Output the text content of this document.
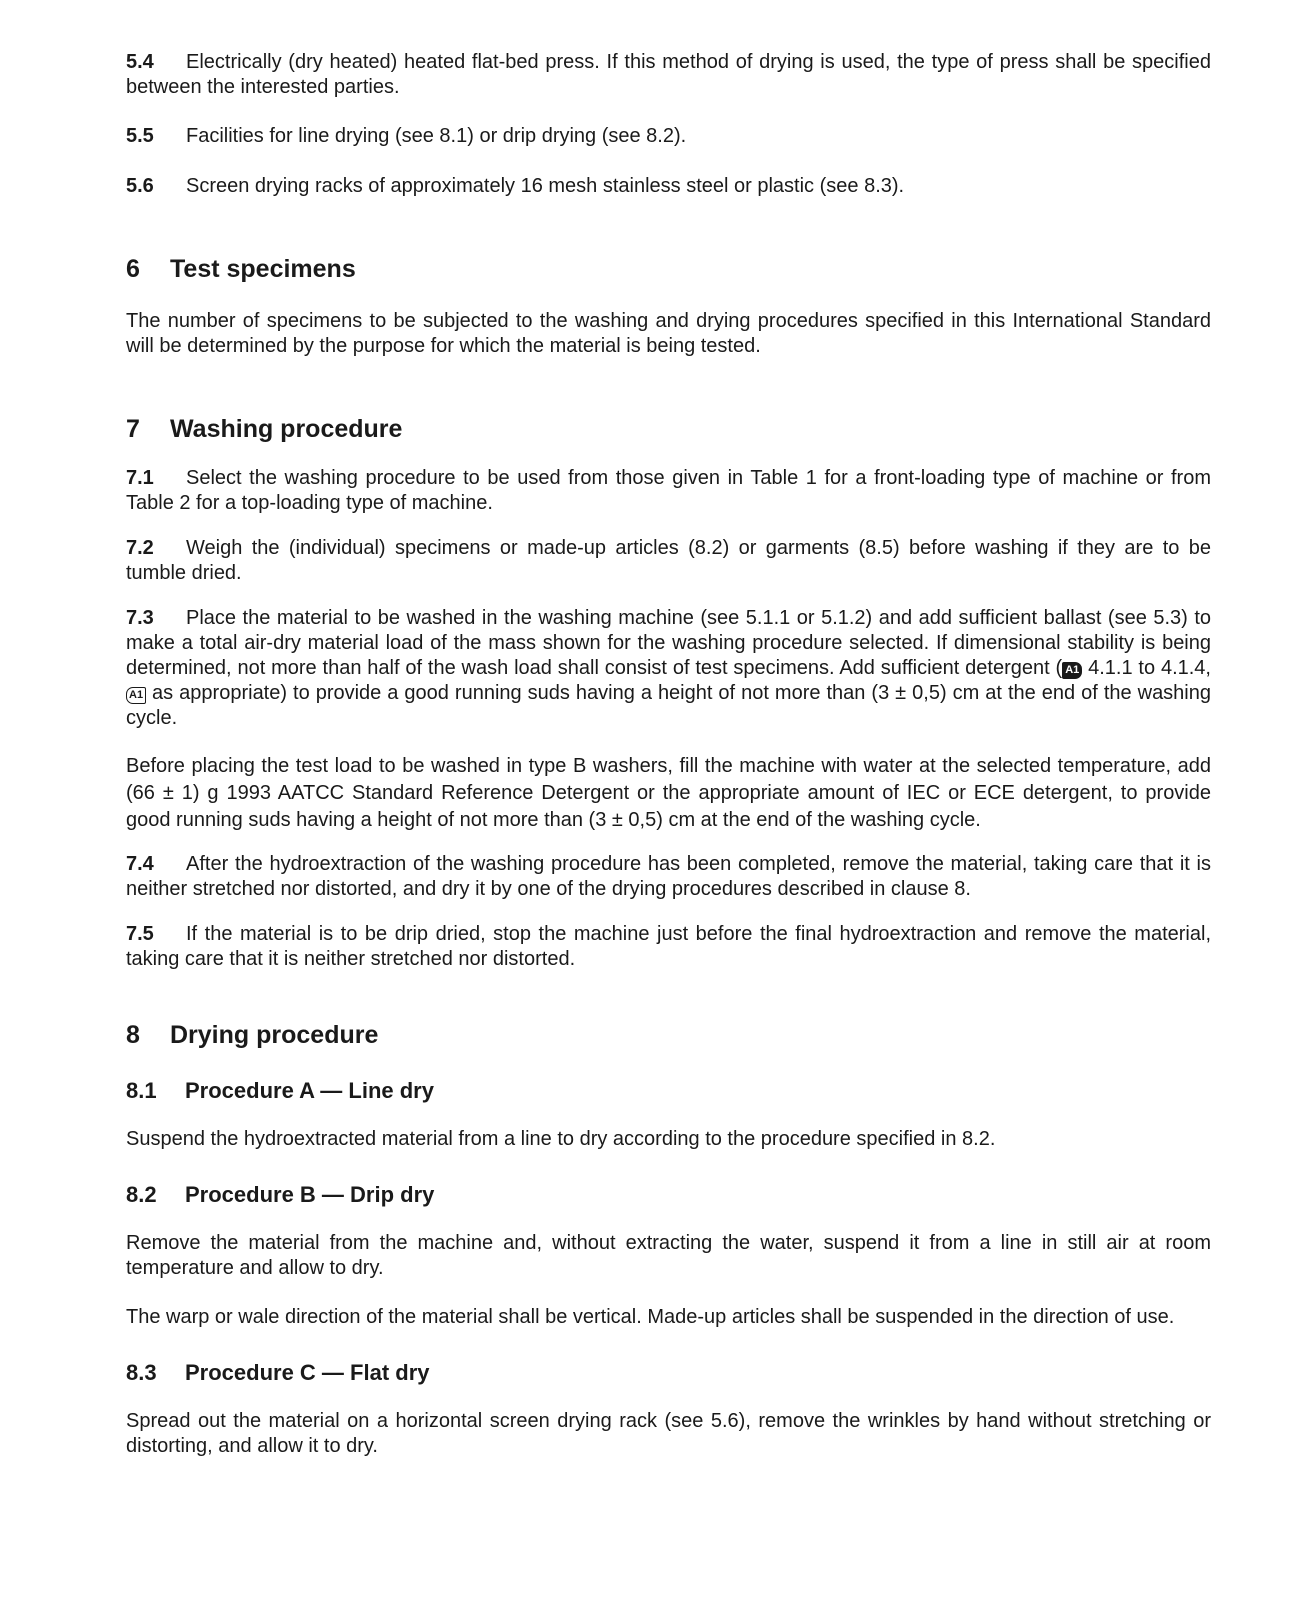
5.4 Electrically (dry heated) heated flat-bed press. If this method of drying is used, the type of press shall be specified between the interested parties.

5.5 Facilities for line drying (see 8.1) or drip drying (see 8.2).

5.6 Screen drying racks of approximately 16 mesh stainless steel or plastic (see 8.3).

6 Test specimens

The number of specimens to be subjected to the washing and drying procedures specified in this International Standard will be determined by the purpose for which the material is being tested.

7 Washing procedure

7.1 Select the washing procedure to be used from those given in Table 1 for a front-loading type of machine or from Table 2 for a top-loading type of machine.

7.2 Weigh the (individual) specimens or made-up articles (8.2) or garments (8.5) before washing if they are to be tumble dried.

7.3 Place the material to be washed in the washing machine (see 5.1.1 or 5.1.2) and add sufficient ballast (see 5.3) to make a total air-dry material load of the mass shown for the washing procedure selected. If dimensional stability is being determined, not more than half of the wash load shall consist of test specimens. Add sufficient detergent ( A1 4.1.1 to 4.1.4,A1 as appropriate) to provide a good running suds having a height of not more than (3 ± 0,5) cm at the end of the washing cycle.

Before placing the test load to be washed in type B washers, fill the machine with water at the selected temperature, add (66 ± 1) g 1993 AATCC Standard Reference Detergent or the appropriate amount of IEC or ECE detergent, to provide good running suds having a height of not more than (3 ± 0,5) cm at the end of the washing cycle.

7.4 After the hydroextraction of the washing procedure has been completed, remove the material, taking care that it is neither stretched nor distorted, and dry it by one of the drying procedures described in clause 8.

7.5 If the material is to be drip dried, stop the machine just before the final hydroextraction and remove the material, taking care that it is neither stretched nor distorted.

8 Drying procedure
8.1 Procedure A — Line dry

Suspend the hydroextracted material from a line to dry according to the procedure specified in 8.2.

8.2 Procedure B — Drip dry

Remove the material from the machine and, without extracting the water, suspend it from a line in still air at room temperature and allow to dry.

The warp or wale direction of the material shall be vertical. Made-up articles shall be suspended in the direction of use.

8.3 Procedure C — Flat dry

Spread out the material on a horizontal screen drying rack (see 5.6), remove the wrinkles by hand without stretching or distorting, and allow it to dry.
